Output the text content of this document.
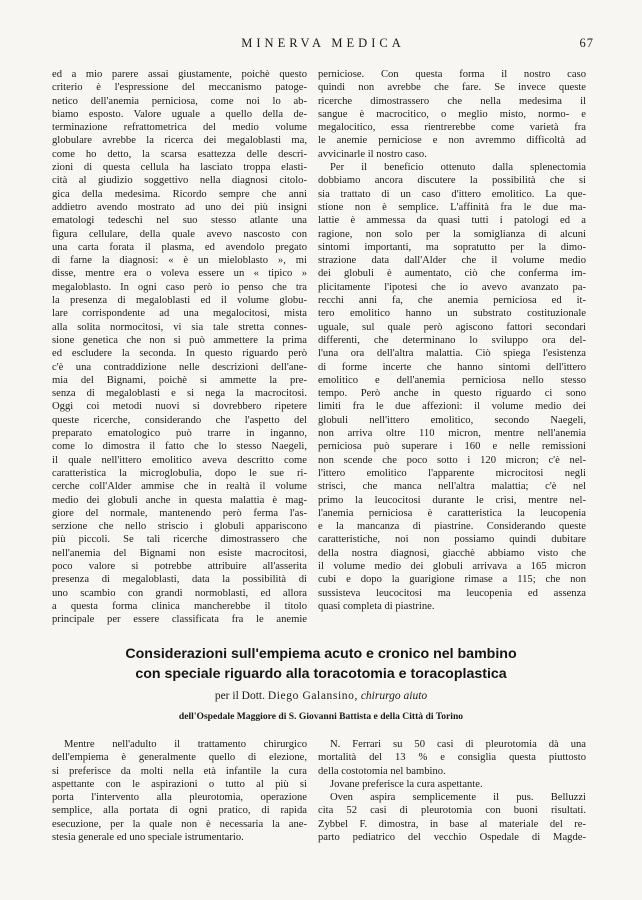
MINERVA MEDICA	67

ed a mio parere assai giustamente, poichè questo
criterio è l'espressione del meccanismo patoge-
netico dell'anemia perniciosa, come noi lo ab-
biamo esposto. Valore uguale a quello della de-
terminazione refrattometrica del medio volume
globulare avrebbe la ricerca dei megaloblasti ma,
come ho detto, la scarsa esattezza delle descri-
zioni di questa cellula ha lasciato troppa elasti-
cità al giudizio soggettivo nella diagnosi citolo-
gica della medesima. Ricordo sempre che anni
addietro avendo mostrato ad uno dei più insigni
ematologi tedeschi nel suo stesso atlante una
figura cellulare, della quale avevo nascosto con
una carta forata il plasma, ed avendolo pregato
di farne la diagnosi: « è un mieloblasto », mi
disse, mentre era o voleva essere un « tipico »
megaloblasto. In ogni caso però io penso che tra
la presenza di megaloblasti ed il volume globu-
lare corrispondente ad una megalocitosi, mista
alla solita normocitosi, vi sia tale stretta connes-
sione genetica che non si può ammettere la prima
ed escludere la seconda. In questo riguardo però
c'è una contraddizione nelle descrizioni dell'ane-
mia del Bignami, poichè si ammette la pre-
senza di megaloblasti e si nega la macrocitosi.
Oggi coi metodi nuovi si dovrebbero ripetere
queste ricerche, considerando che l'aspetto del
preparato ematologico può trarre in inganno,
come lo dimostra il fatto che lo stesso Naegeli,
il quale nell'ittero emolitico aveva descritto come
caratteristica la microglobulia, dopo le sue ri-
cerche coll'Alder ammise che in realtà il volume
medio dei globuli anche in questa malattia è mag-
giore del normale, mantenendo però ferma l'as-
serzione che nello striscio i globuli appariscono
più piccoli. Se tali ricerche dimostrassero che
nell'anemia del Bignami non esiste macrocitosi,
poco valore si potrebbe attribuire all'asserita
presenza di megaloblasti, data la possibilità di
uno scambio con grandi normoblasti, ed allora
a questa forma clinica mancherebbe il titolo
principale per essere classificata fra le anemie

perniciose. Con questa forma il nostro caso
quindi non avrebbe che fare. Se invece queste
ricerche dimostrassero che nella medesima il
sangue è macrocitico, o meglio misto, normo- e
megalocitico, essa rientrerebbe come varietà fra
le anemie perniciose e non avremmo difficoltà ad
avvicinarle il nostro caso.
Per il beneficio ottenuto dalla splenectomia
dobbiamo ancora discutere la possibilità che si
sia trattato di un caso d'ittero emolitico. La que-
stione non è semplice. L'affinità fra le due ma-
lattie è ammessa da quasi tutti i patologi ed a
ragione, non solo per la somiglianza di alcuni
sintomi importanti, ma sopratutto per la dimo-
strazione data dall'Alder che il volume medio
dei globuli è aumentato, ciò che conferma im-
plicitamente l'ipotesi che io avevo avanzato pa-
recchi anni fa, che anemia perniciosa ed it-
tero emolitico hanno un substrato costituzionale
uguale, sul quale però agiscono fattori secondari
differenti, che determinano lo sviluppo ora del-
l'una ora dell'altra malattia. Ciò spiega l'esistenza
di forme incerte che hanno sintomi dell'ittero
emolitico e dell'anemia perniciosa nello stesso
tempo. Però anche in questo riguardo ci sono
limiti fra le due affezioni: il volume medio dei
globuli nell'ittero emolitico, secondo Naegeli,
non arriva oltre 110 micron, mentre nell'anemia
perniciosa può superare i 160 e nelle remissioni
non scende che poco sotto i 120 micron; c'è nel-
l'ittero emolitico l'apparente microcitosi negli
strisci, che manca nell'altra malattia; c'è nel
primo la leucocitosi durante le crisi, mentre nel-
l'anemia perniciosa è caratteristica la leucopenia
e la mancanza di piastrine. Considerando queste
caratteristiche, noi non possiamo quindi dubitare
della nostra diagnosi, giacchè abbiamo visto che
il volume medio dei globuli arrivava a 165 micron
cubi e dopo la guarigione rimase a 115; che non
sussisteva leucocitosi ma leucopenia ed assenza
quasi completa di piastrine.

Considerazioni sull'empiema acuto e cronico nel bambino
con speciale riguardo alla toracotomia e toracoplastica
per il Dott. Diego Galansino, chirurgo aiuto
dell'Ospedale Maggiore di S. Giovanni Battista e della Città di Torino

Mentre nell'adulto il trattamento chirurgico
dell'empiema è generalmente quello di elezione,
si preferisce da molti nella età infantile la cura
aspettante con le aspirazioni o tutto al più si
porta l'intervento alla pleurotomia, operazione
semplice, alla portata di ogni pratico, di rapida
esecuzione, per la quale non è necessaria la ane-
stesia generale ed uno speciale istrumentario.

N. Ferrari su 50 casi di pleurotomia dà una
mortalità del 13 % e consiglia questa piuttosto
della costotomia nel bambino.
Jovane preferisce la cura aspettante.
Oven aspira semplicemente il pus. Belluzzi
cita 52 casi di pleurotomia con buoni risultati.
Zybbel F. dimostra, in base al materiale del re-
parto pediatrico del vecchio Ospedale di Magde-
